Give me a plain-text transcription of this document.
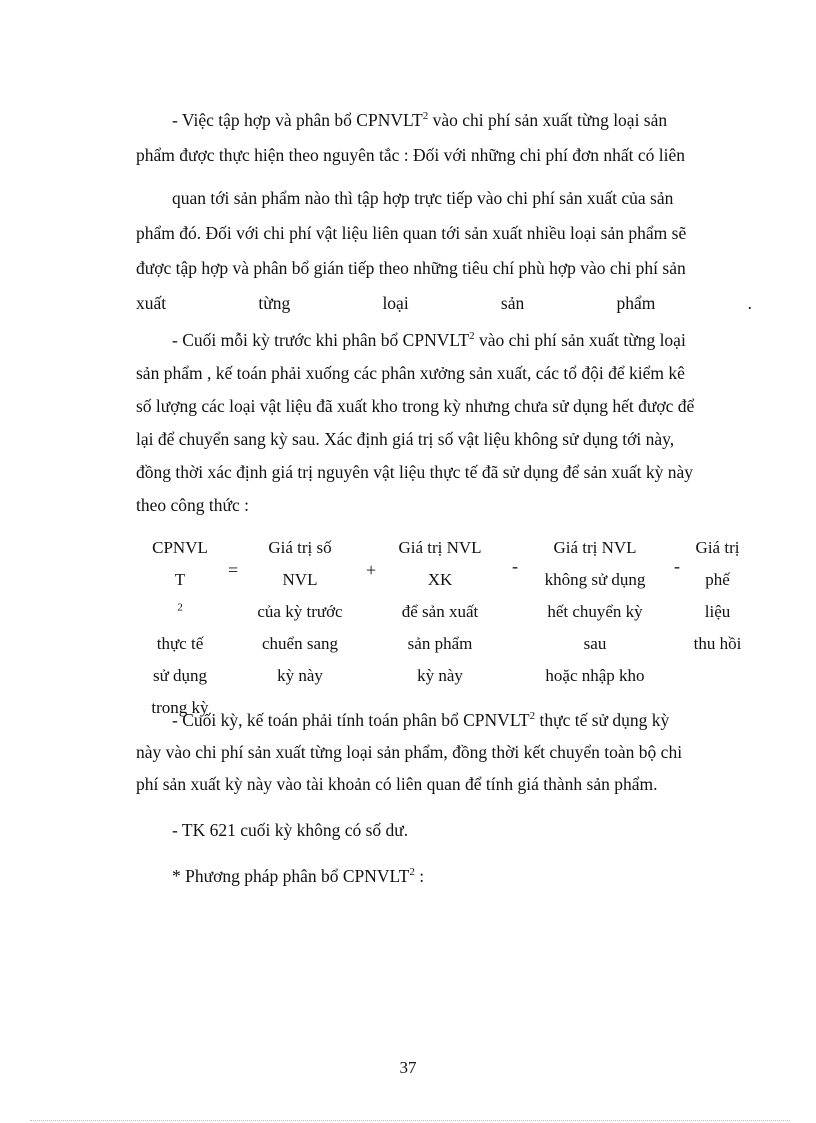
- Việc tập hợp và phân bổ CPNVLT$^2$ vào chi phí sản xuất từng loại sản
phẩm được thực hiện theo nguyên tắc : Đối với những chi phí đơn nhất có liên
quan tới sản phẩm nào thì tập hợp trực tiếp vào chi phí sản xuất của sản
phẩm đó. Đối với chi phí vật liệu liên quan tới sản xuất nhiều loại sản phẩm sẽ
được tập hợp và phân bổ gián tiếp theo những tiêu chí phù hợp vào chi phí sản
xuất	từng	loại	sản	phẩm	.
- Cuối mỗi kỳ trước khi phân bổ CPNVLT$^2$ vào chi phí sản xuất từng loại
sản phẩm , kế toán phải xuống các phân xưởng sản xuất, các tổ đội để kiểm kê
số lượng các loại vật liệu đã xuất kho trong kỳ nhưng chưa sử dụng hết được để
lại để chuyển sang kỳ sau. Xác định giá trị số vật liệu không sử dụng tới này,
đồng thời xác định giá trị nguyên vật liệu thực tế đã sử dụng để sản xuất kỳ này
theo công thức :
CPNVL
T
$^2$
thực tế
sử dụng
trong kỳ
=
Giá trị số
NVL
của kỳ trước
chuển sang
kỳ này
+
Giá trị NVL
XK
để sản xuất
sản phẩm
kỳ này
-
Giá trị NVL
không sử dụng
hết chuyển kỳ
sau
hoặc nhập kho
-
Giá trị
phế
liệu
thu hồi
- Cuối kỳ, kế toán phải tính toán phân bổ CPNVLT$^2$ thực tế sử dụng kỳ
này vào chi phí sản xuất từng loại sản phẩm, đồng thời kết chuyển toàn bộ chi
phí sản xuất kỳ này vào tài khoản có liên quan để tính giá thành sản phẩm.
- TK 621 cuối kỳ không có số dư.
* Phương pháp phân bổ CPNVLT$^2$ :
37
